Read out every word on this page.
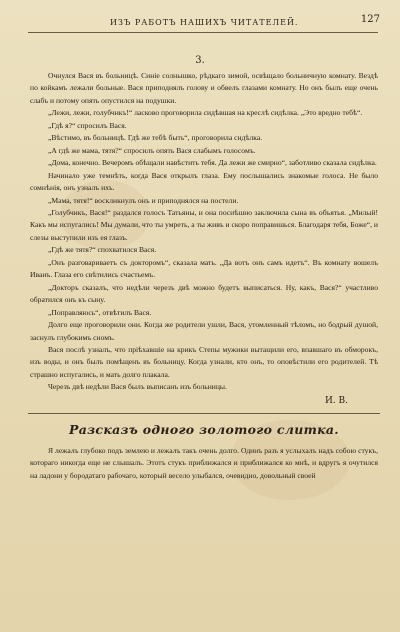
ИЗЪ РАБОТЪ НАШИХЪ ЧИТАТЕЛЕЙ.	127
3.

Очнулся Вася въ больницѣ. Синіе солнышко, рѣдкаго зимой, освѣщало больничную комнату. Вездѣ по койкамъ лежали больные. Вася приподнялъ голову и обвелъ глазами комнату. Но онъ былъ еще очень слабъ и потому опять опустился на подушки.

„Лежи, лежи, голубчикъ!“ ласково проговорила сидѣвшая на креслѣ сидѣлка. „Это вредно тебѣ“.

„Гдѣ я?“ спросилъ Вася.

„Вѣстимо, въ больницѣ. Гдѣ же тебѣ быть“, проговорила сидѣлка.

„А гдѣ же мама, тятя?“ спросилъ опять Вася слабымъ голосомъ.

„Дома, конечно. Вечеромъ обѣщали навѣстить тебя. Да лежи же смирно“, заботливо сказала сидѣлка.

Начинало уже темнѣть, когда Вася открылъ глаза. Ему послышались знакомые голоса. Не было сомнѣнія, онъ узналъ ихъ.

„Мама, тятя!“ воскликнулъ онъ и приподнялся на постели.

„Голубчикъ, Вася!“ раздался голосъ Татьяны, и она посиѣшно заключила сына въ объятья. „Милый! Какъ мы испугались! Мы думали, что ты умреть, а ты живъ и скоро поправишься. Благодаря тебя, Боже“, и слезы выступили изъ ея глазъ.

„Гдѣ же тятя?“ спохватился Вася.

„Онъ разговариваетъ съ докторомъ“, сказала мать. „Да вотъ онъ самъ идетъ“. Въ комнату вошелъ Иванъ. Глаза его свѣтились счастьемъ.

„Докторъ сказалъ, что недѣли черезъ двѣ можно будетъ выписаться. Ну, какъ, Вася?“ участливо обратился онъ къ сыну.

„Поправляюсь“, отвѣтилъ Вася.

Долго еще проговорили они. Когда же родители ушли, Вася, утомленный тѣломъ, но бодрый душой, заснулъ глубокимъ сномъ.

Вася послѣ узналъ, что пріѣхавшіе на крикъ Степы мужики вытащили его, впавшаго въ обморокъ, изъ воды, и онъ былъ помѣщенъ въ больницу. Когда узнали, кто онъ, то оповѣстили его родителей. Тѣ страшно испугались, и мать долго плакала.

Черезъ двѣ недѣли Вася былъ выписанъ изъ больницы.

И. В.

Разсказъ одного золотого слитка.

Я лежалъ глубоко подъ землею и лежалъ такъ очень долго. Одинъ разъ я услыхалъ надъ собою стукъ, котораго никогда еще не слышалъ. Этотъ стукъ приближался и приближался ко мнѣ, и вдругъ я очутился на ладони у бородатаго рабочаго, который весело улыбался, очевидно, довольный своей
